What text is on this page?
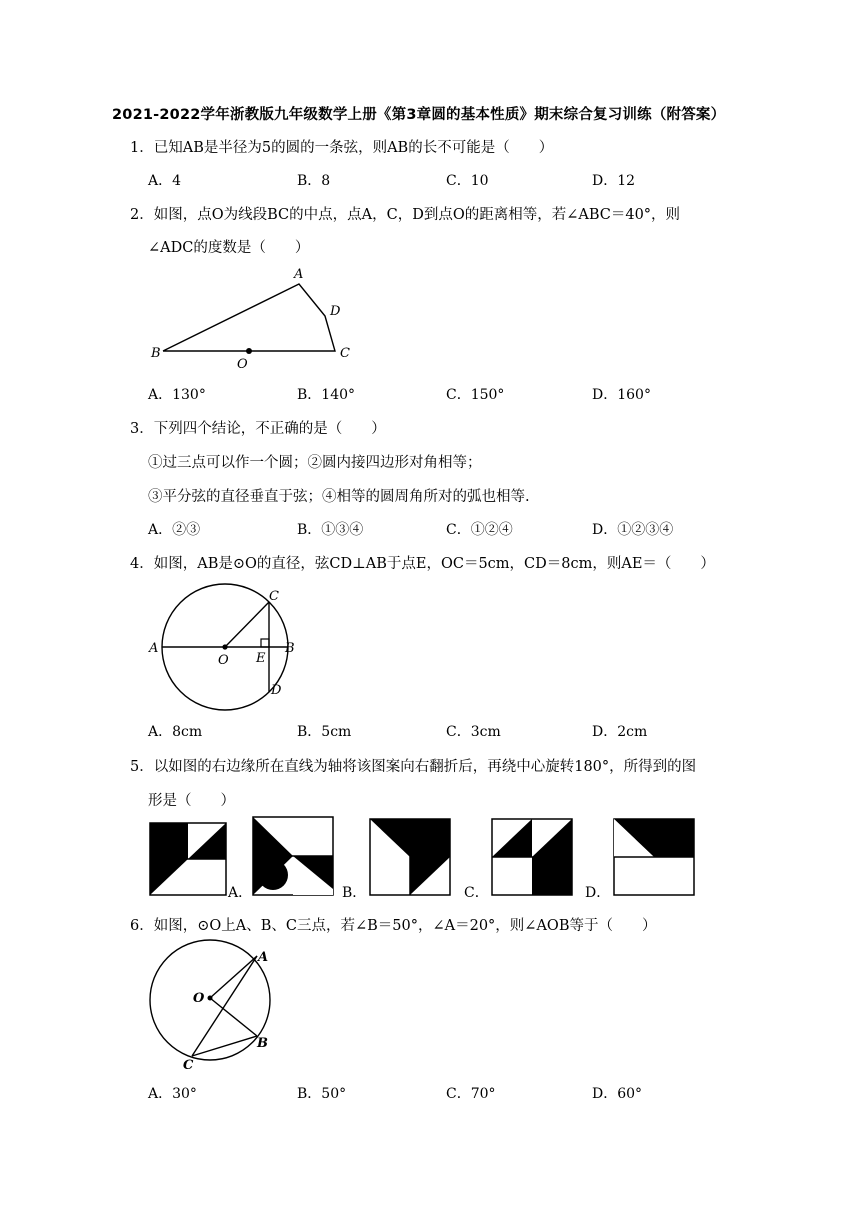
2021-2022学年浙教版九年级数学上册《第3章圆的基本性质》期末综合复习训练（附答案）
1．已知AB是半径为5的圆的一条弦，则AB的长不可能是（　　）
A．4	B．8	C．10	D．12
2．如图，点O为线段BC的中点，点A，C，D到点O的距离相等，若∠ABC＝40°，则
∠ADC的度数是（　　）
A
B	C
D
O
A．130°	B．140°	C．150°	D．160°
3．下列四个结论，不正确的是（　　）
①过三点可以作一个圆；②圆内接四边形对角相等；
③平分弦的直径垂直于弦；④相等的圆周角所对的弧也相等.
A．②③	B．①③④	C．①②④	D．①②③④
4．如图，AB是⊙O的直径，弦CD⊥AB于点E，OC＝5cm，CD＝8cm，则AE＝（　　）
A	B
C
D
E
O
A．8cm	B．5cm	C．3cm	D．2cm
5．以如图的右边缘所在直线为轴将该图案向右翻折后，再绕中心旋转180°，所得到的图
形是（　　）
A．	B．	C．	D．
6．如图，⊙O上A、B、C三点，若∠B＝50°，∠A＝20°，则∠AOB等于（　　）
A
B
C
O
A．30°	B．50°	C．70°	D．60°
